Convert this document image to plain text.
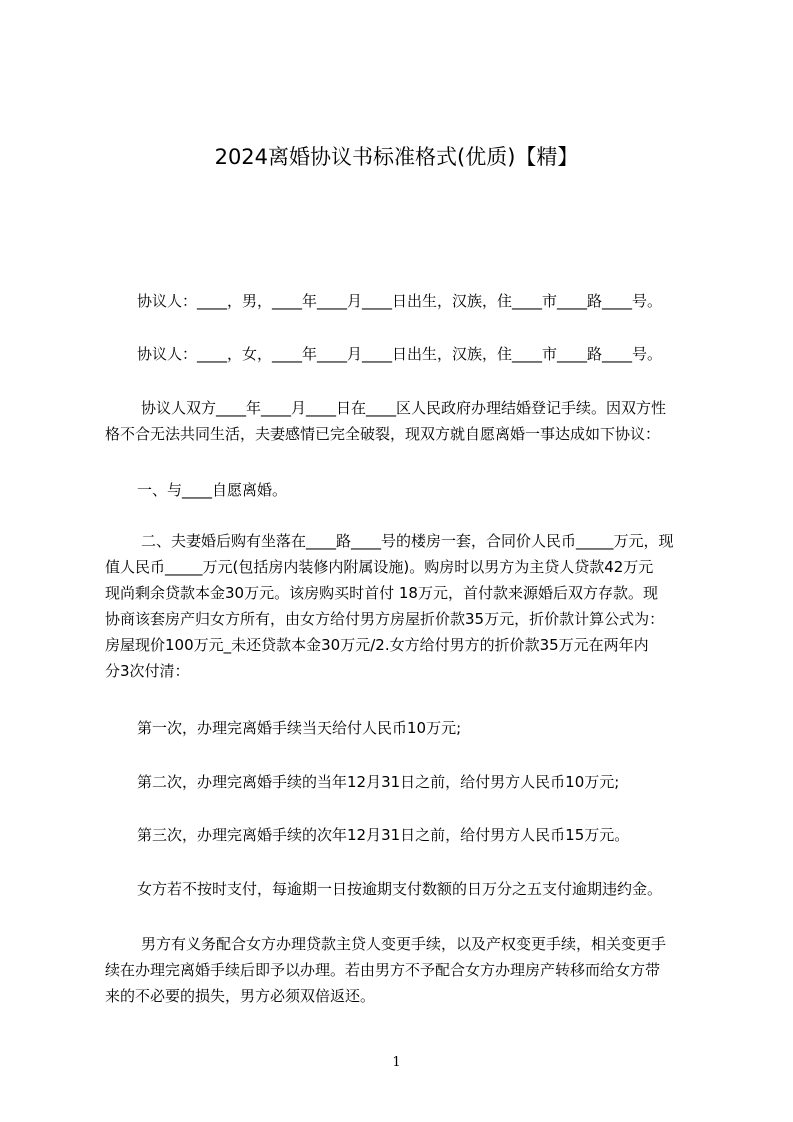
2024离婚协议书标准格式(优质)【精】

协议人：____，男，____年____月____日出生，汉族，住____市____路____号。

协议人：____，女，____年____月____日出生，汉族，住____市____路____号。

协议人双方____年____月____日在____区人民政府办理结婚登记手续。因双方性
格不合无法共同生活，夫妻感情已完全破裂，现双方就自愿离婚一事达成如下协议：

一、与____自愿离婚。

二、夫妻婚后购有坐落在____路____号的楼房一套，合同价人民币_____万元，现
值人民币_____万元(包括房内装修内附属设施)。购房时以男方为主贷人贷款42万元
现尚剩余贷款本金30万元。该房购买时首付 18万元，首付款来源婚后双方存款。现
协商该套房产归女方所有，由女方给付男方房屋折价款35万元，折价款计算公式为：
房屋现价100万元_未还贷款本金30万元/2.女方给付男方的折价款35万元在两年内
分3次付清：

第一次，办理完离婚手续当天给付人民币10万元;

第二次，办理完离婚手续的当年12月31日之前，给付男方人民币10万元;

第三次，办理完离婚手续的次年12月31日之前，给付男方人民币15万元。

女方若不按时支付，每逾期一日按逾期支付数额的日万分之五支付逾期违约金。

男方有义务配合女方办理贷款主贷人变更手续，以及产权变更手续，相关变更手
续在办理完离婚手续后即予以办理。若由男方不予配合女方办理房产转移而给女方带
来的不必要的损失，男方必须双倍返还。

1
